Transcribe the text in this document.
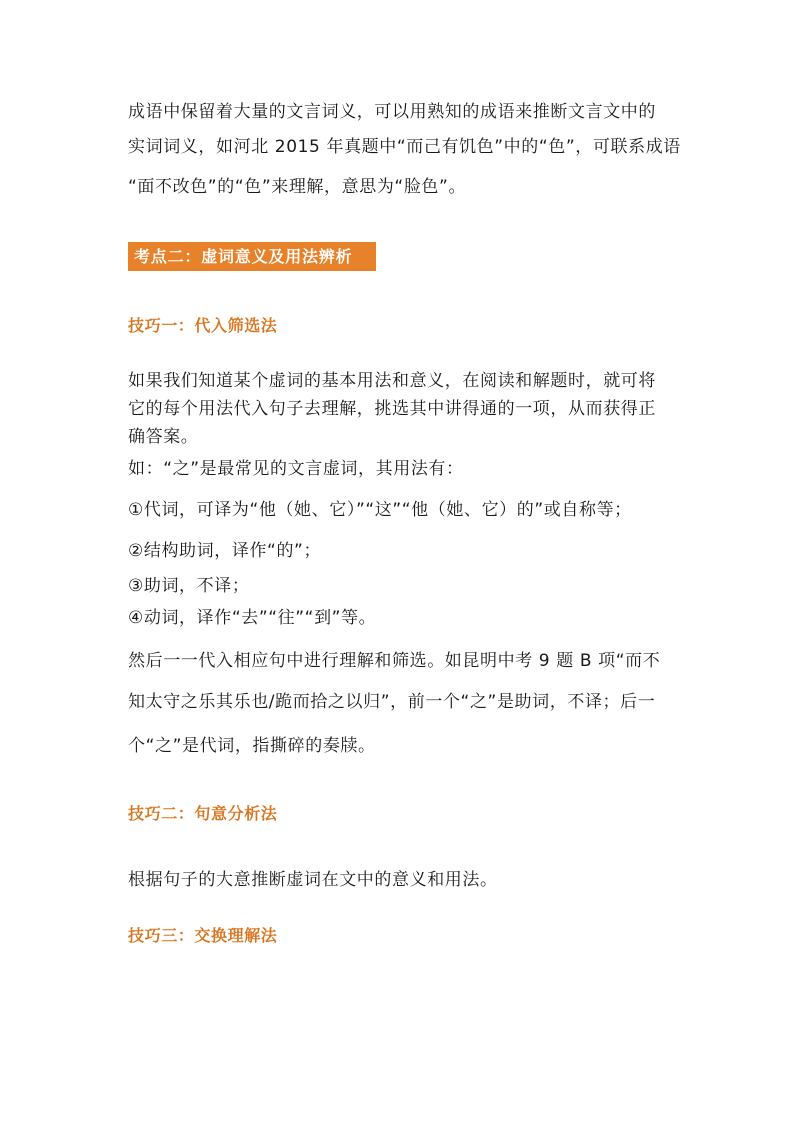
成语中保留着大量的文言词义，可以用熟知的成语来推断文言文中的
实词词义，如河北 2015 年真题中“而己有饥色”中的“色”，可联系成语
“面不改色”的“色”来理解，意思为“脸色”。
考点二：虚词意义及用法辨析
技巧一：代入筛选法
如果我们知道某个虚词的基本用法和意义，在阅读和解题时，就可将
它的每个用法代入句子去理解，挑选其中讲得通的一项，从而获得正
确答案。
如：“之”是最常见的文言虚词，其用法有：
①代词，可译为“他（她、它）”“这”“他（她、它）的”或自称等；
②结构助词，译作“的”；
③助词，不译；
④动词，译作“去”“往”“到”等。
然后一一代入相应句中进行理解和筛选。如昆明中考 9 题 B 项“而不
知太守之乐其乐也/跪而拾之以归”，前一个“之”是助词，不译；后一
个“之”是代词，指撕碎的奏牍。
技巧二：句意分析法
根据句子的大意推断虚词在文中的意义和用法。
技巧三：交换理解法
